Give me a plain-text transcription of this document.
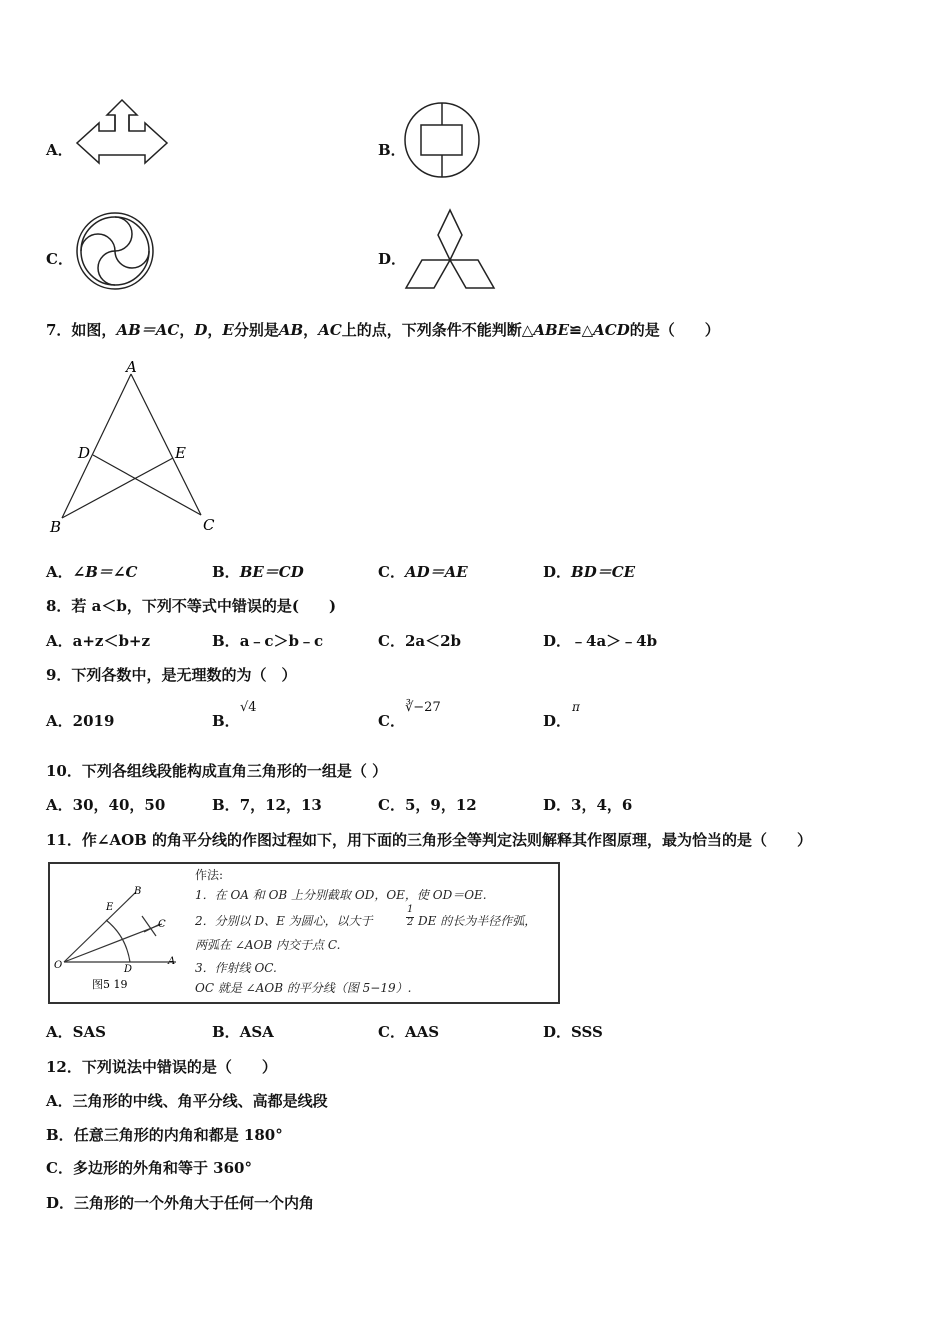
A．	B．
C．	D．
7．如图，AB＝AC，D，E分别是AB，AC上的点，下列条件不能判断△ABE≌△ACD的是（　　）
A
D	E
B	C
A．∠B＝∠C	B．BE＝CD	C．AD＝AE	D．BD＝CE
8．若 a＜b，下列不等式中错误的是(　　)
A．a+z＜b+z	B．a﹣c＞b﹣c	C．2a＜2b	D．﹣4a＞﹣4b
9．下列各数中，是无理数的为（　）
A．2019	B．
√4
C．
∛−27
D．
π
10．下列各组线段能构成直角三角形的一组是（ ）
A．30，40，50	B．7，12，13	C．5，9，12	D．3，4，6
11．作∠AOB 的角平分线的作图过程如下，用下面的三角形全等判定法则解释其作图原理，最为恰当的是（　　）
O	A
B
C
D
E
图5 19
作法:
1．在 OA 和 OB 上分别截取 OD，OE，使 OD＝OE.
2．分别以 D、E 为圆心，以大于
1
2 DE 的长为半径作弧，
两弧在 ∠AOB 内交于点 C.
3．作射线 OC.
OC 就是 ∠AOB 的平分线（图 5−19）.
A．SAS	B．ASA	C．AAS	D．SSS
12．下列说法中错误的是（　　）
A．三角形的中线、角平分线、高都是线段
B．任意三角形的内角和都是 180°
C．多边形的外角和等于 360°
D．三角形的一个外角大于任何一个内角
